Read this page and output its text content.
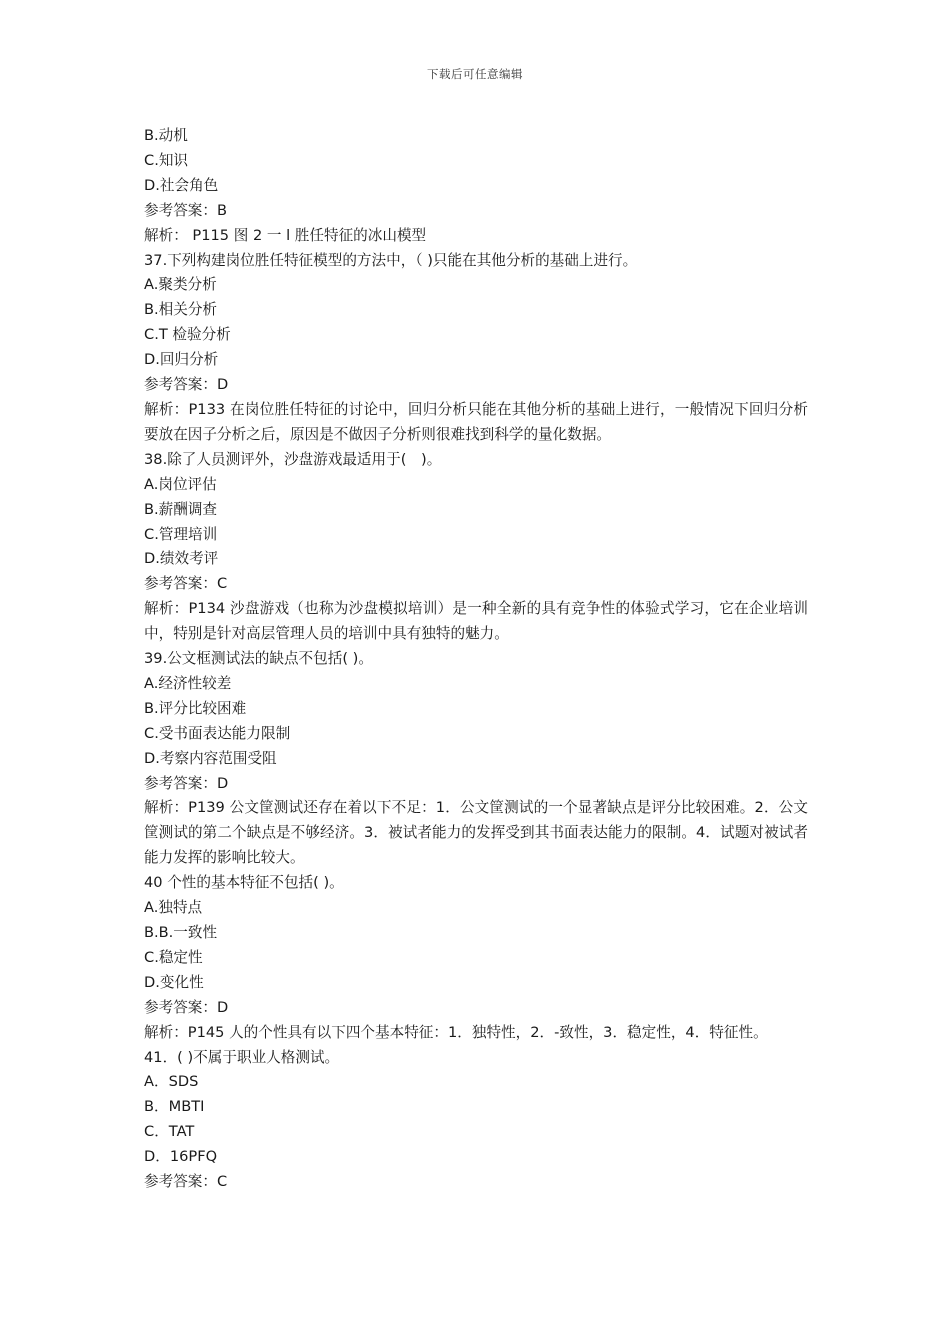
下载后可任意编辑
B.动机
C.知识
D.社会角色
参考答案：B
解析： P115 图 2 一 l 胜任特征的冰山模型
37.下列构建岗位胜任特征模型的方法中，（ )只能在其他分析的基础上进行。
A.聚类分析
B.相关分析
C.T 检验分析
D.回归分析
参考答案：D
解析：P133 在岗位胜任特征的讨论中，回归分析只能在其他分析的基础上进行，一般情况下回归分析要放在因子分析之后，原因是不做因子分析则很难找到科学的量化数据。
38.除了人员测评外，沙盘游戏最适用于(　)。
A.岗位评估
B.薪酬调查
C.管理培训
D.绩效考评
参考答案：C
解析：P134 沙盘游戏（也称为沙盘模拟培训）是一种全新的具有竞争性的体验式学习，它在企业培训中，特别是针对高层管理人员的培训中具有独特的魅力。
39.公文框测试法的缺点不包括( )。
A.经济性较差
B.评分比较困难
C.受书面表达能力限制
D.考察内容范围受阻
参考答案：D
解析：P139 公文筐测试还存在着以下不足：1．公文筐测试的一个显著缺点是评分比较困难。2．公文筐测试的第二个缺点是不够经济。3．被试者能力的发挥受到其书面表达能力的限制。4．试题对被试者能力发挥的影响比较大。
40 个性的基本特征不包括( )。
A.独特点
B.B.一致性
C.稳定性
D.变化性
参考答案：D
解析：P145 人的个性具有以下四个基本特征：1．独特性，2．-致性，3．稳定性，4．特征性。
41．( )不属于职业人格测试。
A．SDS
B．MBTI
C．TAT
D．16PFQ
参考答案：C
